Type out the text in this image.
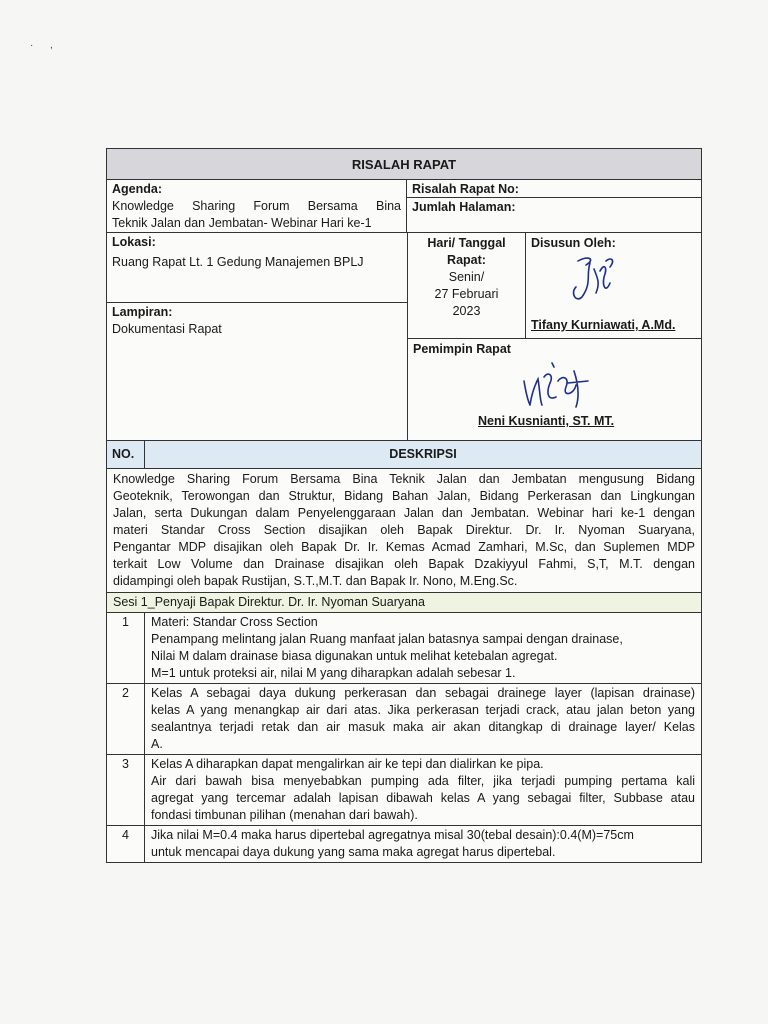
·      ,
RISALAH RAPAT
Agenda:
Knowledge Sharing Forum Bersama Bina
Teknik Jalan dan Jembatan- Webinar Hari ke-1
Risalah Rapat No:
Jumlah Halaman:
Lokasi:
Ruang Rapat Lt. 1 Gedung Manajemen BPLJ
Lampiran:
Dokumentasi Rapat
Hari/ Tanggal
Rapat:
Senin/
27 Februari
2023
Disusun Oleh:
Tifany Kurniawati, A.Md.
Pemimpin Rapat
Neni Kusnianti, ST. MT.
NO.	DESKRIPSI
Knowledge Sharing Forum Bersama Bina Teknik Jalan dan Jembatan mengusung Bidang
Geoteknik, Terowongan dan Struktur, Bidang Bahan Jalan, Bidang Perkerasan dan Lingkungan
Jalan, serta Dukungan dalam Penyelenggaraan Jalan dan Jembatan. Webinar hari ke-1 dengan
materi Standar Cross Section disajikan oleh Bapak Direktur. Dr. Ir. Nyoman Suaryana,
Pengantar MDP disajikan oleh Bapak Dr. Ir. Kemas Acmad Zamhari, M.Sc, dan Suplemen MDP
terkait Low Volume dan Drainase disajikan oleh Bapak Dzakiyyul Fahmi, S,T, M.T. dengan
didampingi oleh bapak Rustijan, S.T.,M.T. dan Bapak Ir. Nono, M.Eng.Sc.
Sesi 1_Penyaji Bapak Direktur. Dr. Ir. Nyoman Suaryana
1	Materi: Standar Cross Section
Penampang melintang jalan Ruang manfaat jalan batasnya sampai dengan drainase,
Nilai M dalam drainase biasa digunakan untuk melihat ketebalan agregat.
M=1 untuk proteksi air, nilai M yang diharapkan adalah sebesar 1.
2	Kelas A sebagai daya dukung perkerasan dan sebagai drainege layer (lapisan drainase)
kelas A yang menangkap air dari atas. Jika perkerasan terjadi crack, atau jalan beton yang
sealantnya terjadi retak dan air masuk maka air akan ditangkap di drainage layer/ Kelas
A.
3	Kelas A diharapkan dapat mengalirkan air ke tepi dan dialirkan ke pipa.
Air dari bawah bisa menyebabkan pumping ada filter, jika terjadi pumping pertama kali
agregat yang tercemar adalah lapisan dibawah kelas A yang sebagai filter, Subbase atau
fondasi timbunan pilihan (menahan dari bawah).
4	Jika nilai M=0.4 maka harus dipertebal agregatnya misal 30(tebal desain):0.4(M)=75cm
untuk mencapai daya dukung yang sama maka agregat harus dipertebal.
